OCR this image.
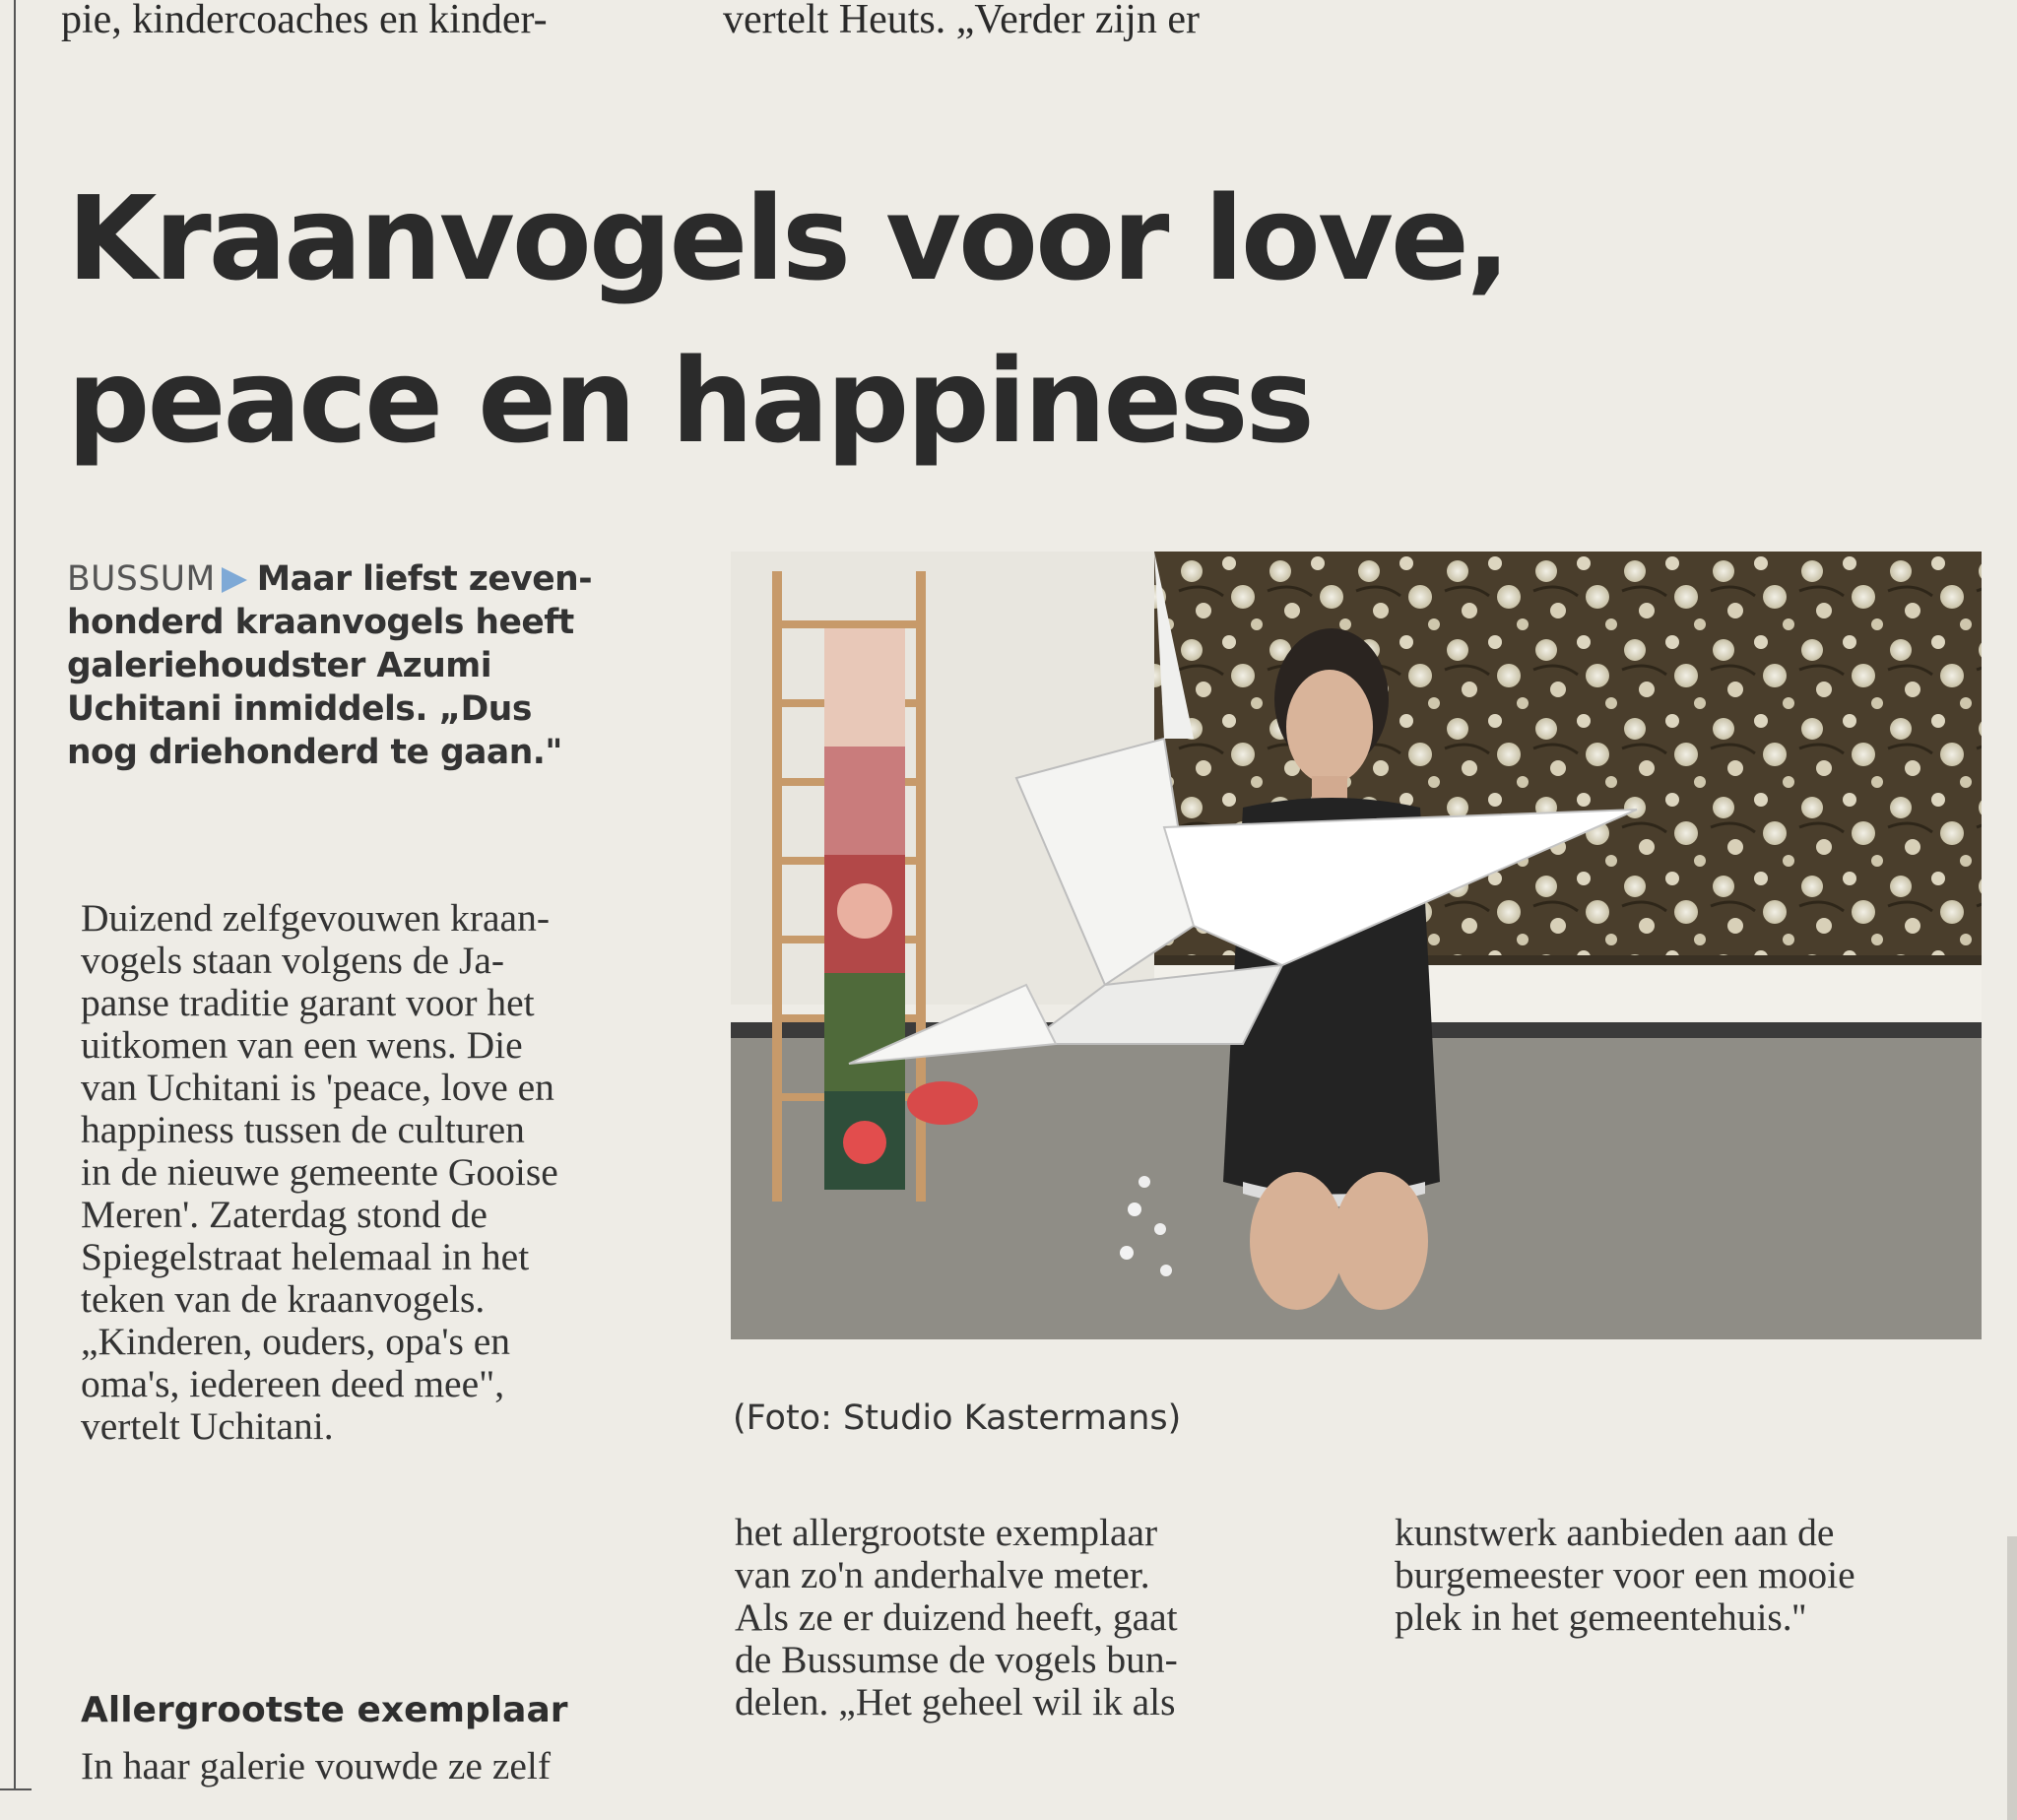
pie, kindercoaches en kinder-	vertelt Heuts. „Verder zijn er
Kraanvogels voor love,
peace en happiness
BUSSUM Maar liefst zeven-
honderd kraanvogels heeft
galeriehoudster Azumi
Uchitani inmiddels. „Dus
nog driehonderd te gaan."
Duizend zelfgevouwen kraan-
vogels staan volgens de Ja-
panse traditie garant voor het
uitkomen van een wens. Die
van Uchitani is 'peace, love en
happiness tussen de culturen
in de nieuwe gemeente Gooise
Meren'. Zaterdag stond de
Spiegelstraat helemaal in het
teken van de kraanvogels.
„Kinderen, ouders, opa's en
oma's, iedereen deed mee",
vertelt Uchitani.
Allergrootste exemplaar
In haar galerie vouwde ze zelf
(Foto: Studio Kastermans)
het allergrootste exemplaar
van zo'n anderhalve meter.
Als ze er duizend heeft, gaat
de Bussumse de vogels bun-
delen. „Het geheel wil ik als
kunstwerk aanbieden aan de
burgemeester voor een mooie
plek in het gemeentehuis.''
